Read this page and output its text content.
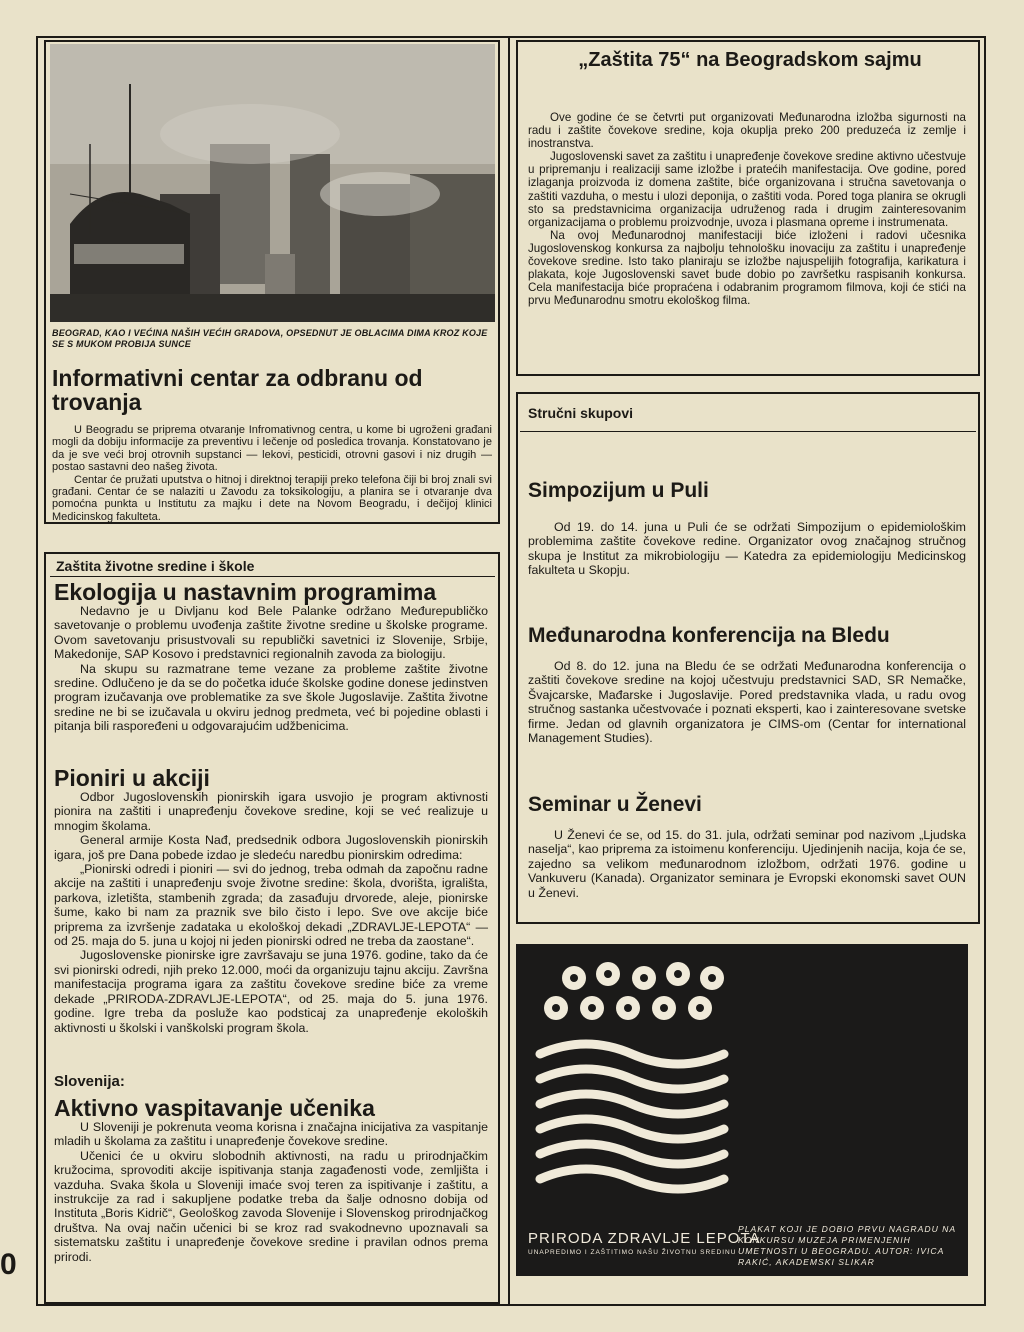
BEOGRAD, KAO I VEĆINA NAŠIH VEĆIH GRADOVA, OPSEDNUT JE OBLACIMA DIMA KROZ KOJE SE S MUKOM PROBIJA SUNCE
Informativni centar za odbranu od trovanja

U Beogradu se priprema otvaranje Infromativnog centra, u kome bi ugroženi građani mogli da dobiju informacije za preventivu i lečenje od posledica trovanja. Konstatovano je da je sve veći broj otrovnih supstanci — lekovi, pesticidi, otrovni gasovi i niz drugih — postao sastavni deo našeg života.

Centar će pružati uputstva o hitnoj i direktnoj terapiji preko telefona čiji bi broj znali svi građani. Centar će se nalaziti u Zavodu za toksikologiju, a planira se i otvaranje dva pomoćna punkta u Institutu za majku i dete na Novom Beogradu, i dečijoj klinici Medicinskog fakulteta.

Zaštita životne sredine i škole
Ekologija u nastavnim programima

Nedavno je u Divljanu kod Bele Palanke održano Međurepubličko savetovanje o problemu uvođenja zaštite životne sredine u školske programe. Ovom savetovanju prisustvovali su republički savetnici iz Slovenije, Srbije, Makedonije, SAP Kosovo i predstavnici regionalnih zavoda za biologiju.

Na skupu su razmatrane teme vezane za probleme zaštite životne sredine. Odlučeno je da se do početka iduće školske godine donese jedinstven program izučavanja ove problematike za sve škole Jugoslavije. Zaštita životne sredine ne bi se izučavala u okviru jednog predmeta, već bi pojedine oblasti i pitanja bili raspoređeni u odgovarajućim udžbenicima.

Pioniri u akciji

Odbor Jugoslovenskih pionirskih igara usvojio je program aktivnosti pionira na zaštiti i unapređenju čovekove sredine, koji se već realizuje u mnogim školama.

General armije Kosta Nađ, predsednik odbora Jugoslovenskih pionirskih igara, još pre Dana pobede izdao je sledeću naredbu pionirskim odredima:

„Pionirski odredi i pioniri — svi do jednog, treba odmah da započnu radne akcije na zaštiti i unapređenju svoje životne sredine: škola, dvorišta, igrališta, parkova, izletišta, stambenih zgrada; da zasađuju drvorede, aleje, pionirske šume, kako bi nam za praznik sve bilo čisto i lepo. Sve ove akcije biće priprema za izvršenje zadataka u ekološkoj dekadi „ZDRAVLJE-LEPOTA“ — od 25. maja do 5. juna u kojoj ni jeden pionirski odred ne treba da zaostane“.

Jugoslovenske pionirske igre završavaju se juna 1976. godine, tako da će svi pionirski odredi, njih preko 12.000, moći da organizuju tajnu akciju. Završna manifestacija programa igara za zaštitu čovekove sredine biće za vreme dekade „PRIRODA-ZDRAVLJE-LEPOTA“, od 25. maja do 5. juna 1976. godine. Igre treba da posluže kao podsticaj za unapređenje ekoloških aktivnosti u školski i vanškolski program škola.

Slovenija:
Aktivno vaspitavanje učenika

U Sloveniji je pokrenuta veoma korisna i značajna inicijativa za vaspitanje mladih u školama za zaštitu i unapređenje čovekove sredine.

Učenici će u okviru slobodnih aktivnosti, na radu u prirodnjačkim kružocima, sprovoditi akcije ispitivanja stanja zagađenosti vode, zemljišta i vazduha. Svaka škola u Sloveniji imaće svoj teren za ispitivanje i zaštitu, a instrukcije za rad i sakupljene podatke treba da šalje odnosno dobija od Instituta „Boris Kidrič“, Geološkog zavoda Slovenije i Slovenskog prirodnjačkog društva. Na ovaj način učenici bi se kroz rad svakodnevno upoznavali sa sistematsku zaštitu i unapređenje čovekove sredine i pravilan odnos prema prirodi.

0
„Zaštita 75“ na Beogradskom sajmu

Ove godine će se četvrti put organizovati Međunarodna izložba sigurnosti na radu i zaštite čovekove sredine, koja okuplja preko 200 preduzeća iz zemlje i inostranstva.

Jugoslovenski savet za zaštitu i unapređenje čovekove sredine aktivno učestvuje u pripremanju i realizaciji same izložbe i pratećih manifestacija. Ove godine, pored izlaganja proizvoda iz domena zaštite, biće organizovana i stručna savetovanja o zaštiti vazduha, o mestu i ulozi deponija, o zaštiti voda. Pored toga planira se okrugli sto sa predstavnicima organizacija udruženog rada i drugim zainteresovanim organizacijama o problemu proizvodnje, uvoza i plasmana opreme i instrumenata.

Na ovoj Međunarodnoj manifestaciji biće izloženi i radovi učesnika Jugoslovenskog konkursa za najbolju tehnološku inovaciju za zaštitu i unapređenje čovekove sredine. Isto tako planiraju se izložbe najuspelijih fotografija, karikatura i plakata, koje Jugoslovenski savet bude dobio po završetku raspisanih konkursa. Cela manifestacija biće propraćena i odabranim programom filmova, koji će stići na prvu Međunarodnu smotru ekološkog filma.

Stručni skupovi
Simpozijum u Puli

Od 19. do 14. juna u Puli će se održati Simpozijum o epidemiološkim problemima zaštite čovekove redine. Organizator ovog značajnog stručnog skupa je Institut za mikrobiologiju — Katedra za epidemiologiju Medicinskog fakulteta u Skopju.

Međunarodna konferencija na Bledu

Od 8. do 12. juna na Bledu će se održati Međunarodna konferencija o zaštiti čovekove sredine na kojoj učestvuju predstavnici SAD, SR Nemačke, Švajcarske, Mađarske i Jugoslavije. Pored predstavnika vlada, u radu ovog stručnog sastanka učestvovaće i poznati eksperti, kao i zainteresovane svetske firme. Jedan od glavnih organizatora je CIMS-om (Centar for international Management Studies).

Seminar u Ženevi

U Ženevi će se, od 15. do 31. jula, održati seminar pod nazivom „Ljudska naselja“, kao priprema za istoimenu konferenciju. Ujedinjenih nacija, koja će se, zajedno sa velikom međunarodnom izložbom, održati 1976. godine u Vankuveru (Kanada). Organizator seminara je Evropski ekonomski savet OUN u Ženevi.

PRIRODA ZDRAVLJE LEPOTA
UNAPREDIMO I ZAŠTITIMO NAŠU ŽIVOTNU SREDINU
PLAKAT KOJI JE DOBIO PRVU NAGRADU NA KONKURSU MUZEJA PRIMENJENIH UMETNOSTI U BEOGRADU. AUTOR: IVICA RAKIĆ, AKADEMSKI SLIKAR
